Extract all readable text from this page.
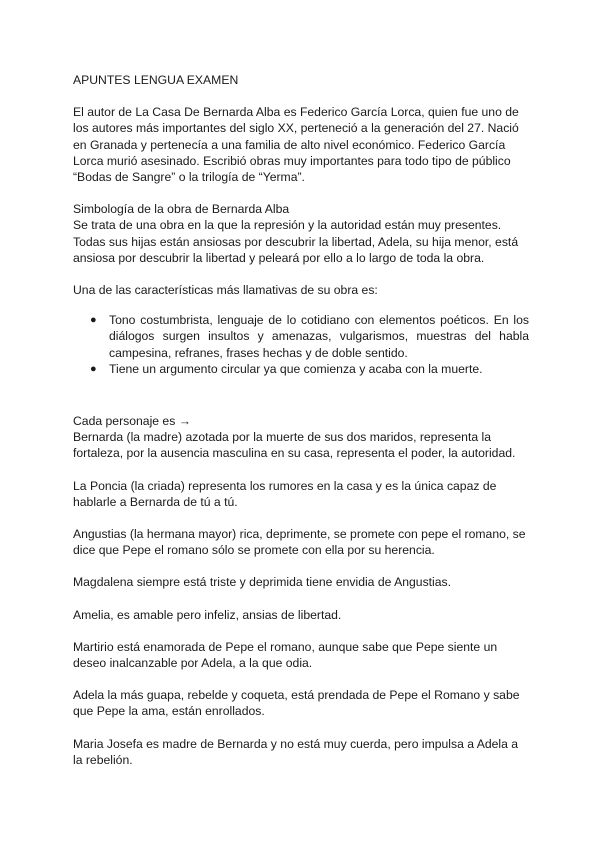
APUNTES LENGUA EXAMEN

El autor de La Casa De Bernarda Alba es Federico García Lorca, quien fue uno de los autores más importantes del siglo XX, perteneció a la generación del 27. Nació en Granada y pertenecía a una familia de alto nivel económico. Federico García Lorca murió asesinado. Escribió obras muy importantes para todo tipo de público “Bodas de Sangre” o la trilogía de “Yerma”.

Simbología de la obra de Bernarda Alba

Se trata de una obra en la que la represión y la autoridad están muy presentes. Todas sus hijas están ansiosas por descubrir la libertad, Adela, su hija menor, está ansiosa por descubrir la libertad y peleará por ello a lo largo de toda la obra.

Una de las características más llamativas de su obra es:

● Tono costumbrista, lenguaje de lo cotidiano con elementos poéticos. En los diálogos surgen insultos y amenazas, vulgarismos, muestras del habla campesina, refranes, frases hechas y de doble sentido.
● Tiene un argumento circular ya que comienza y acaba con la muerte.

Cada personaje es →

Bernarda (la madre) azotada por la muerte de sus dos maridos, representa la fortaleza, por la ausencia masculina en su casa, representa el poder, la autoridad.

La Poncia (la criada) representa los rumores en la casa y es la única capaz de hablarle a Bernarda de tú a tú.

Angustias (la hermana mayor) rica, deprimente, se promete con pepe el romano, se dice que Pepe el romano sólo se promete con ella por su herencia.

Magdalena siempre está triste y deprimida tiene envidia de Angustias.

Amelia, es amable pero infeliz, ansias de libertad.

Martirio está enamorada de Pepe el romano, aunque sabe que Pepe siente un deseo inalcanzable por Adela, a la que odia.

Adela la más guapa, rebelde y coqueta, está prendada de Pepe el Romano y sabe que Pepe la ama, están enrollados.

Maria Josefa es madre de Bernarda y no está muy cuerda, pero impulsa a Adela a la rebelión.
